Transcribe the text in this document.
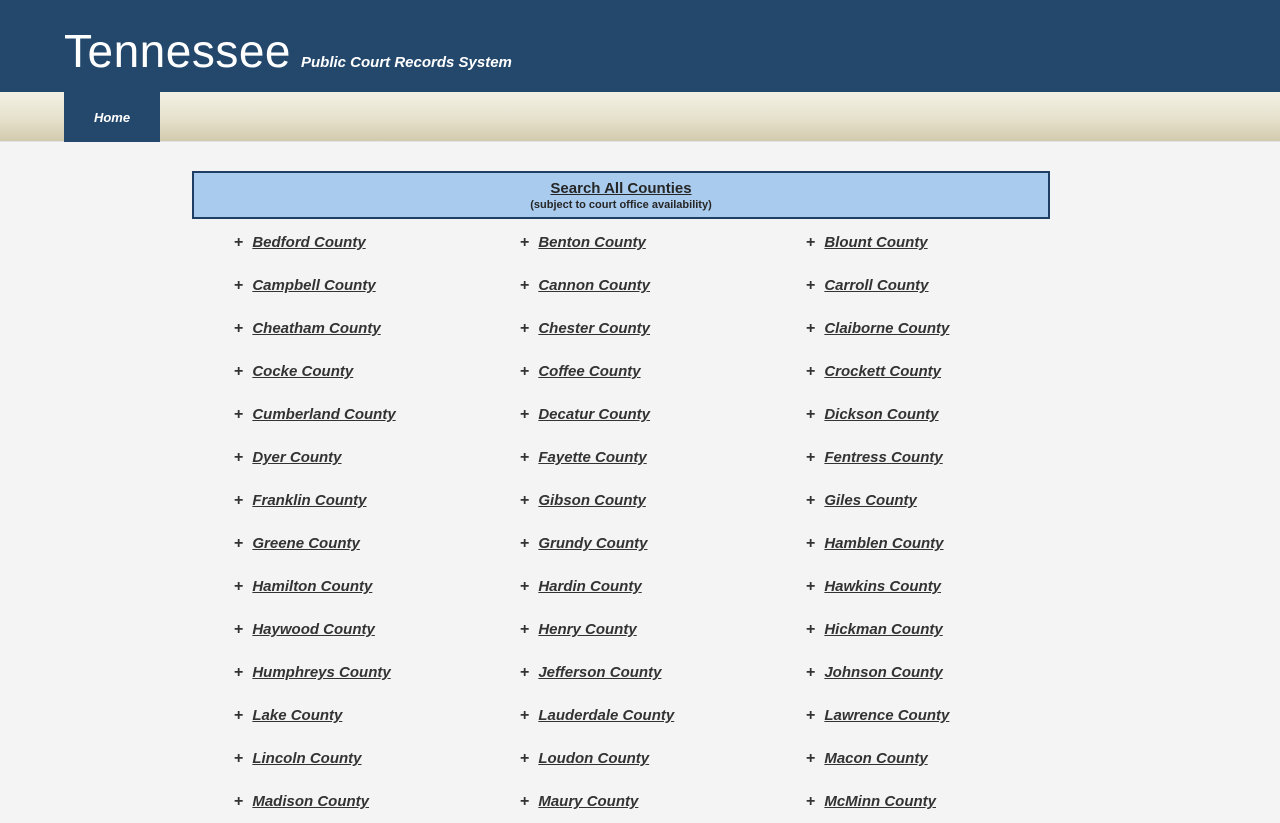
Tennessee Public Court Records System
Home
Search All Counties
(subject to court office availability)
+ Bedford County	+ Benton County	+ Blount County
+ Campbell County	+ Cannon County	+ Carroll County
+ Cheatham County	+ Chester County	+ Claiborne County
+ Cocke County	+ Coffee County	+ Crockett County
+ Cumberland County	+ Decatur County	+ Dickson County
+ Dyer County	+ Fayette County	+ Fentress County
+ Franklin County	+ Gibson County	+ Giles County
+ Greene County	+ Grundy County	+ Hamblen County
+ Hamilton County	+ Hardin County	+ Hawkins County
+ Haywood County	+ Henry County	+ Hickman County
+ Humphreys County	+ Jefferson County	+ Johnson County
+ Lake County	+ Lauderdale County	+ Lawrence County
+ Lincoln County	+ Loudon County	+ Macon County
+ Madison County	+ Maury County	+ McMinn County
